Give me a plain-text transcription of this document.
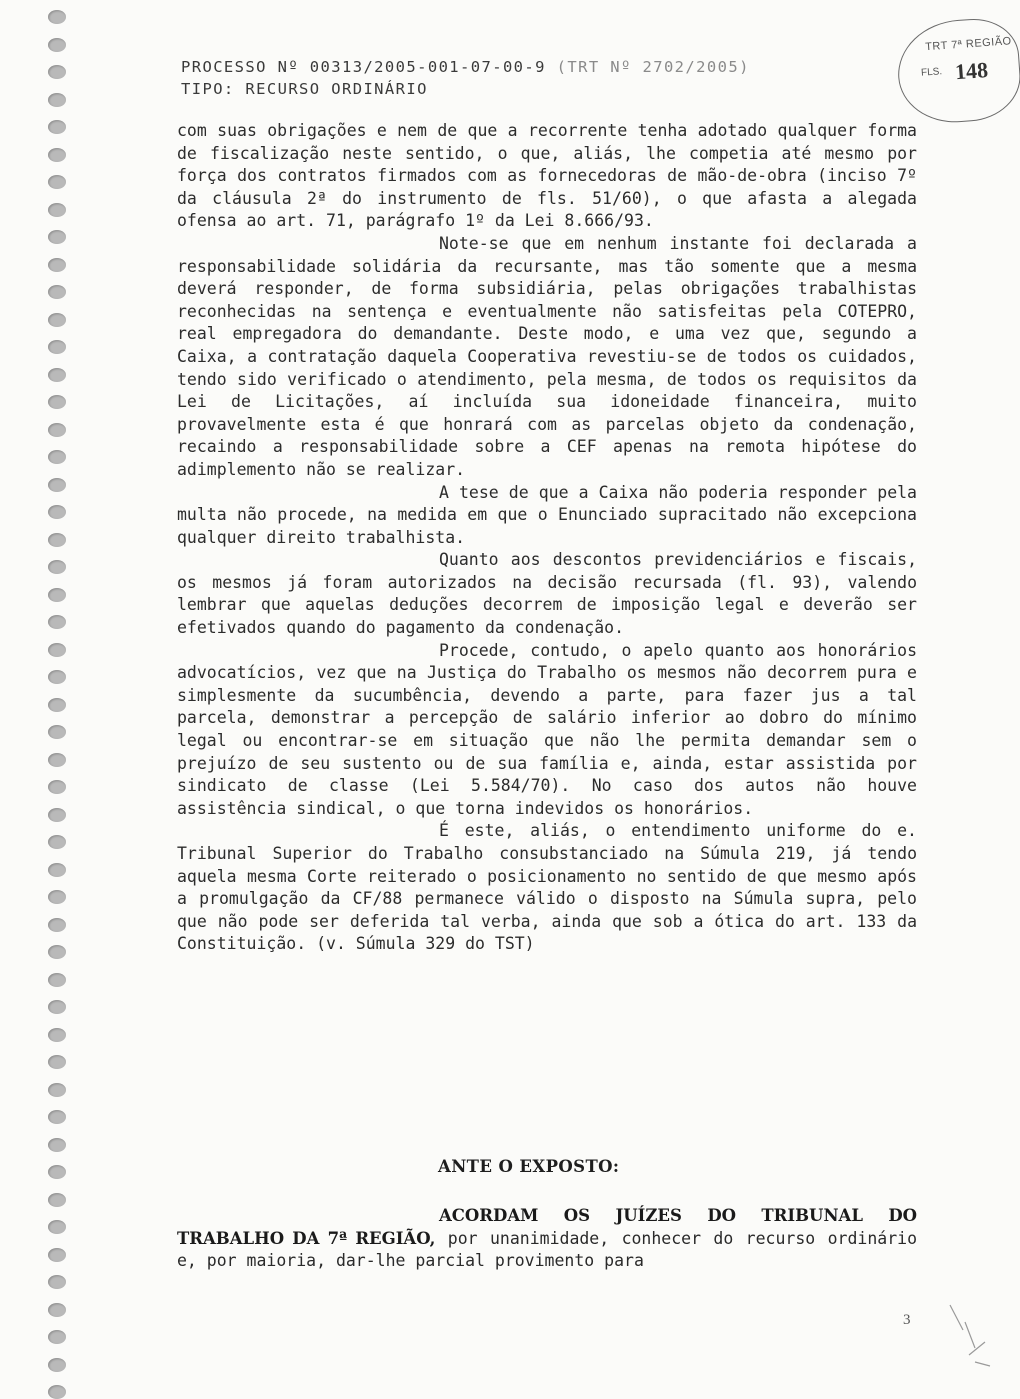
PROCESSO Nº 00313/2005-001-07-00-9 (TRT Nº 2702/2005)
TIPO: RECURSO ORDINÁRIO
TRT 7ª REGIÃO
FLS. 148

com suas obrigações e nem de que a recorrente tenha adotado qualquer forma de fiscalização neste sentido, o que, aliás, lhe competia até mesmo por força dos contratos firmados com as fornecedoras de mão-de-obra (inciso 7º da cláusula 2ª do instrumento de fls. 51/60), o que afasta a alegada ofensa ao art. 71, parágrafo 1º da Lei 8.666/93.

Note-se que em nenhum instante foi declarada a responsabilidade solidária da recursante, mas tão somente que a mesma deverá responder, de forma subsidiária, pelas obrigações trabalhistas reconhecidas na sentença e eventualmente não satisfeitas pela COTEPRO, real empregadora do demandante. Deste modo, e uma vez que, segundo a Caixa, a contratação daquela Cooperativa revestiu-se de todos os cuidados, tendo sido verificado o atendimento, pela mesma, de todos os requisitos da Lei de Licitações, aí incluída sua idoneidade financeira, muito provavelmente esta é que honrará com as parcelas objeto da condenação, recaindo a responsabilidade sobre a CEF apenas na remota hipótese do adimplemento não se realizar.

A tese de que a Caixa não poderia responder pela multa não procede, na medida em que o Enunciado supracitado não excepciona qualquer direito trabalhista.

Quanto aos descontos previdenciários e fiscais, os mesmos já foram autorizados na decisão recursada (fl. 93), valendo lembrar que aquelas deduções decorrem de imposição legal e deverão ser efetivados quando do pagamento da condenação.

Procede, contudo, o apelo quanto aos honorários advocatícios, vez que na Justiça do Trabalho os mesmos não decorrem pura e simplesmente da sucumbência, devendo a parte, para fazer jus a tal parcela, demonstrar a percepção de salário inferior ao dobro do mínimo legal ou encontrar-se em situação que não lhe permita demandar sem o prejuízo de seu sustento ou de sua família e, ainda, estar assistida por sindicato de classe (Lei 5.584/70). No caso dos autos não houve assistência sindical, o que torna indevidos os honorários.

É este, aliás, o entendimento uniforme do e. Tribunal Superior do Trabalho consubstanciado na Súmula 219, já tendo aquela mesma Corte reiterado o posicionamento no sentido de que mesmo após a promulgação da CF/88 permanece válido o disposto na Súmula supra, pelo que não pode ser deferida tal verba, ainda que sob a ótica do art. 133 da Constituição. (v. Súmula 329 do TST)

ANTE O EXPOSTO:
ACORDAM OS JUÍZES DO TRIBUNAL DO TRABALHO DA 7ª REGIÃO, por unanimidade, conhecer do recurso ordinário e, por maioria, dar-lhe parcial provimento para
3
